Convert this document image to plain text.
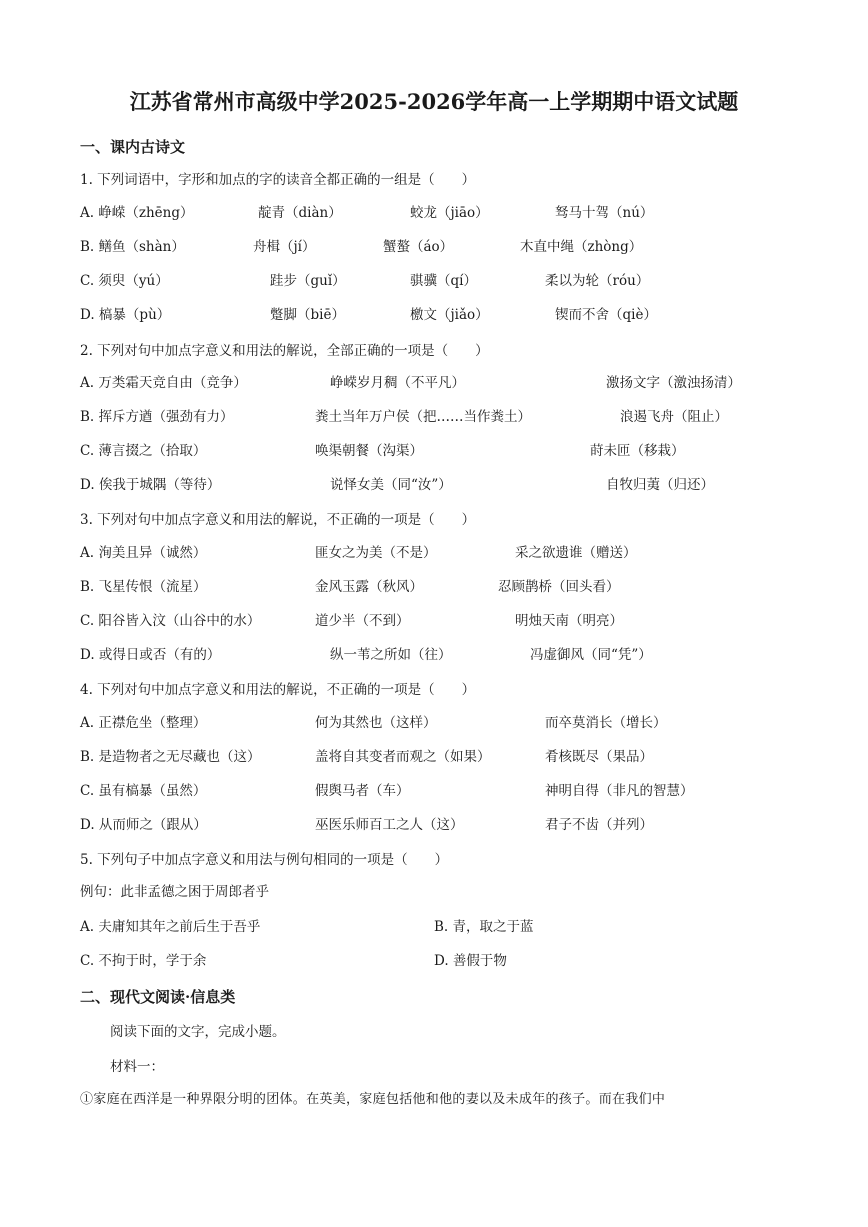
江苏省常州市高级中学2025-2026学年高一上学期期中语文试题
一、课内古诗文
1. 下列词语中，字形和加点的字的读音全都正确的一组是（　　）
A. 峥嵘（zhēng）	靛青（diàn）	蛟龙（jiāo）	驽马十驾（nú）
B. 鳝鱼（shàn）	舟楫（jí）	蟹螯（áo）	木直中绳（zhòng）
C. 须臾（yú）	跬步（guǐ）	骐骥（qí）	柔以为轮（róu）
D. 槁暴（pù）	蹩脚（biē）	檄文（jiǎo）	锲而不舍（qiè）
2. 下列对句中加点字意义和用法的解说，全部正确的一项是（　　）
A. 万类霜天竞自由（竞争）	峥嵘岁月稠（不平凡）	激扬文字（激浊扬清）
B. 挥斥方遒（强劲有力）	粪土当年万户侯（把……当作粪土）	浪遏飞舟（阻止）
C. 薄言掇之（拾取）	唤渠朝餐（沟渠）	莳未匝（移栽）
D. 俟我于城隅（等待）	说怿女美（同“汝”）	自牧归荑（归还）
3. 下列对句中加点字意义和用法的解说，不正确的一项是（　　）
A. 洵美且异（诚然）	匪女之为美（不是）	采之欲遗谁（赠送）
B. 飞星传恨（流星）	金风玉露（秋风）	忍顾鹊桥（回头看）
C. 阳谷皆入汶（山谷中的水）	道少半（不到）	明烛天南（明亮）
D. 或得日或否（有的）	纵一苇之所如（往）	冯虚御风（同“凭”）
4. 下列对句中加点字意义和用法的解说，不正确的一项是（　　）
A. 正襟危坐（整理）	何为其然也（这样）	而卒莫消长（增长）
B. 是造物者之无尽藏也（这）	盖将自其变者而观之（如果）	肴核既尽（果品）
C. 虽有槁暴（虽然）	假舆马者（车）	神明自得（非凡的智慧）
D. 从而师之（跟从）	巫医乐师百工之人（这）	君子不齿（并列）
5. 下列句子中加点字意义和用法与例句相同的一项是（　　）
例句：此非孟德之困于周郎者乎
A. 夫庸知其年之前后生于吾乎	B. 青，取之于蓝
C. 不拘于时，学于余	D. 善假于物
二、现代文阅读·信息类
阅读下面的文字，完成小题。
材料一：
①家庭在西洋是一种界限分明的团体。在英美，家庭包括他和他的妻以及未成年的孩子。而在我们中
